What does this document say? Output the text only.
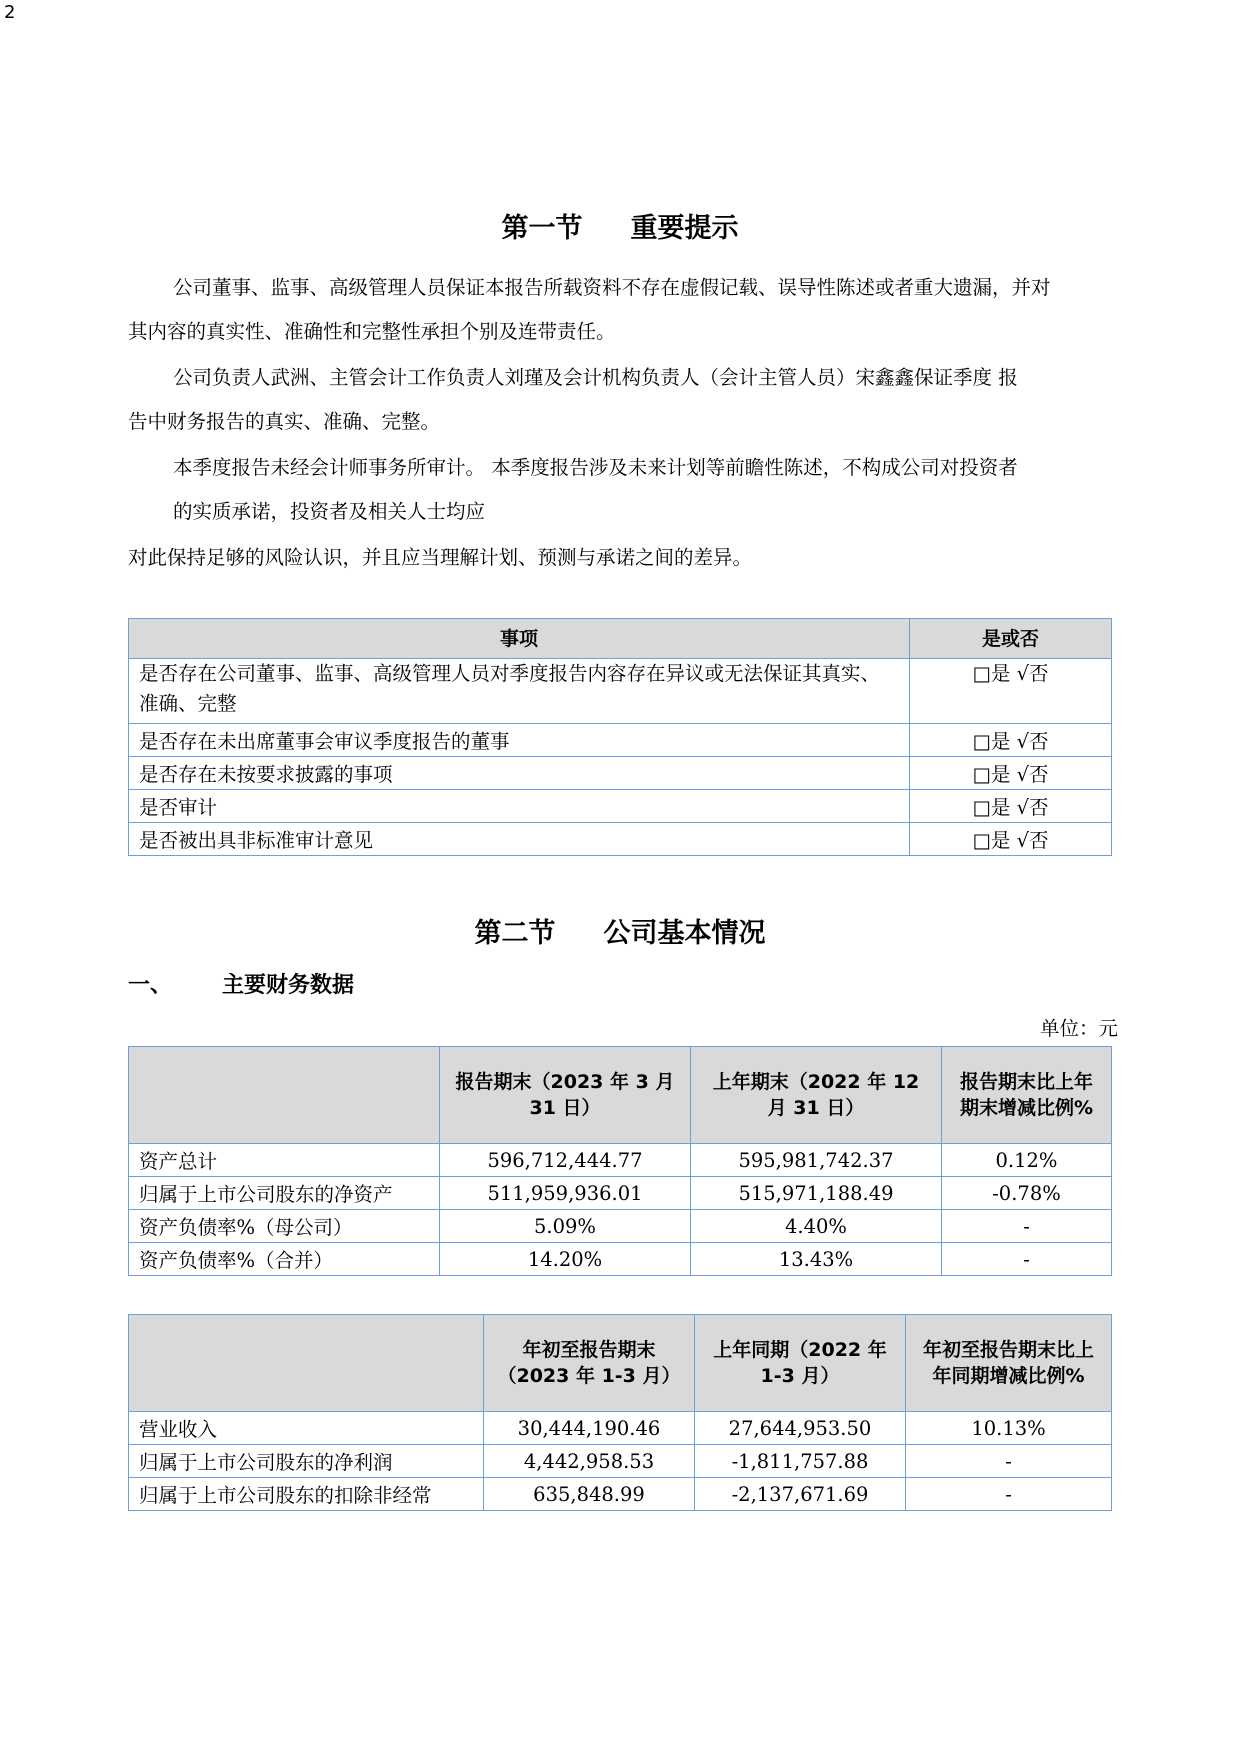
2
第一节 重要提示
公司董事、监事、高级管理人员保证本报告所载资料不存在虚假记载、误导性陈述或者重大遗漏，并对
其内容的真实性、准确性和完整性承担个别及连带责任。
公司负责人武洲、主管会计工作负责人刘瑾及会计机构负责人（会计主管人员）宋鑫鑫保证季度 报
告中财务报告的真实、准确、完整。
本季度报告未经会计师事务所审计。 本季度报告涉及未来计划等前瞻性陈述，不构成公司对投资者
的实质承诺，投资者及相关人士均应
对此保持足够的风险认识，并且应当理解计划、预测与承诺之间的差异。
事项	是或否
是否存在公司董事、监事、高级管理人员对季度报告内容存在异议或无法保证其真实、准确、完整	□是 √否
是否存在未出席董事会审议季度报告的董事	□是 √否
是否存在未按要求披露的事项	□是 √否
是否审计	□是 √否
是否被出具非标准审计意见	□是 √否
第二节 公司基本情况
一、 主要财务数据
单位：元
	报告期末（2023 年 3 月 31 日）	上年期末（2022 年 12 月 31 日）	报告期末比上年期末增减比例%
资产总计	596,712,444.77	595,981,742.37	0.12%
归属于上市公司股东的净资产	511,959,936.01	515,971,188.49	-0.78%
资产负债率%（母公司）	5.09%	4.40%	-
资产负债率%（合并）	14.20%	13.43%	-
	年初至报告期末（2023 年 1-3 月）	上年同期（2022 年 1-3 月）	年初至报告期末比上年同期增减比例%
营业收入	30,444,190.46	27,644,953.50	10.13%
归属于上市公司股东的净利润	4,442,958.53	-1,811,757.88	-
归属于上市公司股东的扣除非经常	635,848.99	-2,137,671.69	-
